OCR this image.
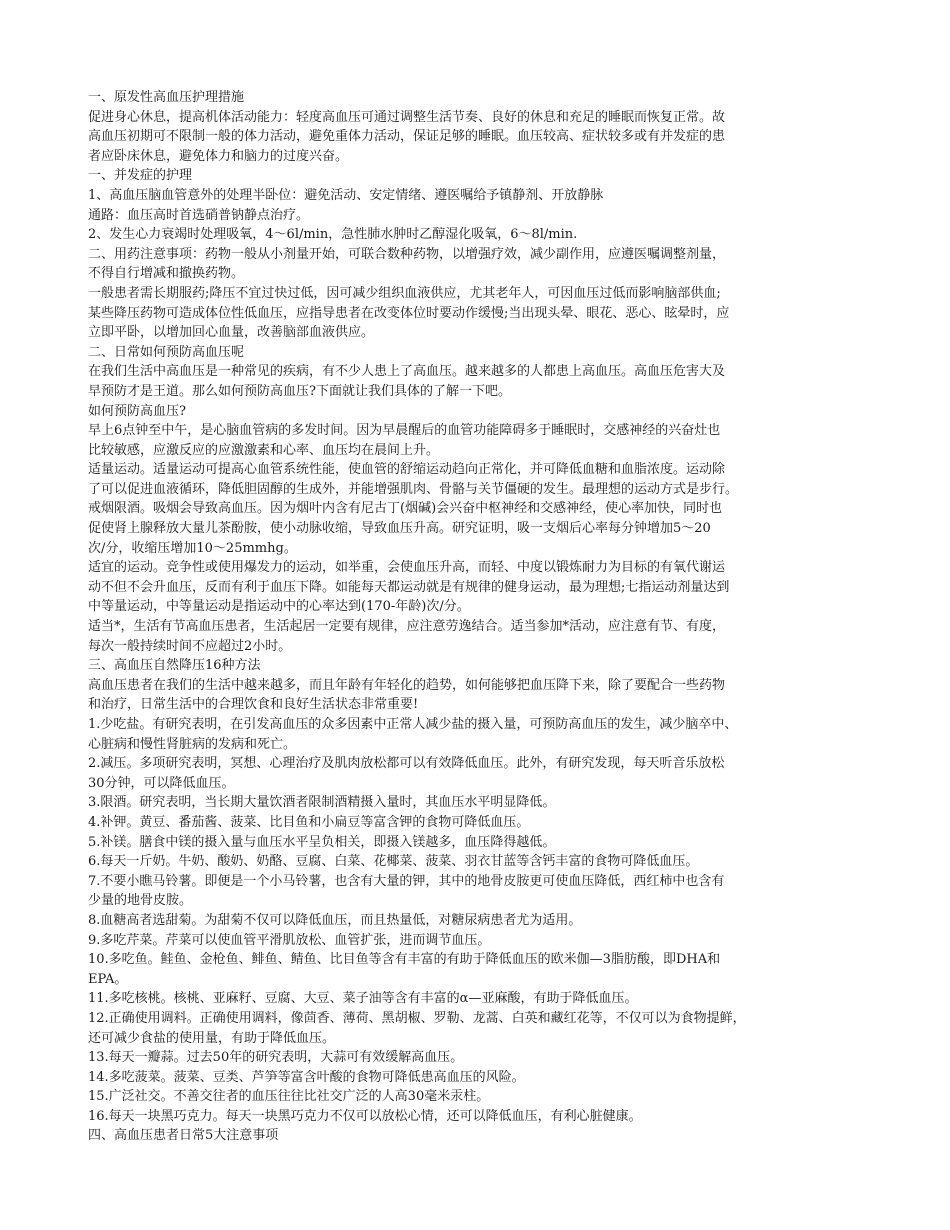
一、原发性高血压护理措施
促进身心休息，提高机体活动能力：轻度高血压可通过调整生活节奏、良好的休息和充足的睡眠而恢复正常。故
高血压初期可不限制一般的体力活动，避免重体力活动，保证足够的睡眠。血压较高、症状较多或有并发症的患
者应卧床休息，避免体力和脑力的过度兴奋。
一、并发症的护理
1、高血压脑血管意外的处理半卧位：避免活动、安定情绪、遵医嘱给予镇静剂、开放静脉
通路：血压高时首选硝普钠静点治疗。
2、发生心力衰竭时处理吸氧，4～6l/min，急性肺水肿时乙醇湿化吸氧，6～8l/min.
二、用药注意事项：药物一般从小剂量开始，可联合数种药物，以增强疗效，减少副作用，应遵医嘱调整剂量，
不得自行增减和撤换药物。
一般患者需长期服药;降压不宜过快过低，因可减少组织血液供应，尤其老年人，可因血压过低而影响脑部供血;
某些降压药物可造成体位性低血压，应指导患者在改变体位时要动作缓慢;当出现头晕、眼花、恶心、眩晕时，应
立即平卧，以增加回心血量，改善脑部血液供应。
二、日常如何预防高血压呢
在我们生活中高血压是一种常见的疾病，有不少人患上了高血压。越来越多的人都患上高血压。高血压危害大及
早预防才是王道。那么如何预防高血压?下面就让我们具体的了解一下吧。
如何预防高血压?
早上6点钟至中午，是心脑血管病的多发时间。因为早晨醒后的血管功能障碍多于睡眠时，交感神经的兴奋灶也
比较敏感，应激反应的应激激素和心率、血压均在晨间上升。
适量运动。适量运动可提高心血管系统性能，使血管的舒缩运动趋向正常化，并可降低血糖和血脂浓度。运动除
了可以促进血液循环，降低胆固醇的生成外，并能增强肌肉、骨骼与关节僵硬的发生。最理想的运动方式是步行。
戒烟限酒。吸烟会导致高血压。因为烟叶内含有尼古丁(烟碱)会兴奋中枢神经和交感神经，使心率加快，同时也
促使肾上腺释放大量儿茶酚胺，使小动脉收缩，导致血压升高。研究证明，吸一支烟后心率每分钟增加5～20
次/分，收缩压增加10～25mmhg。
适宜的运动。竞争性或使用爆发力的运动，如举重，会使血压升高，而轻、中度以锻炼耐力为目标的有氧代谢运
动不但不会升血压，反而有利于血压下降。如能每天都运动就是有规律的健身运动，最为理想;七指运动剂量达到
中等量运动，中等量运动是指运动中的心率达到(170-年龄)次/分。
适当*，生活有节高血压患者，生活起居一定要有规律，应注意劳逸结合。适当参加*活动，应注意有节、有度，
每次一般持续时间不应超过2小时。
三、高血压自然降压16种方法
高血压患者在我们的生活中越来越多，而且年龄有年轻化的趋势，如何能够把血压降下来，除了要配合一些药物
和治疗，日常生活中的合理饮食和良好生活状态非常重要!
1.少吃盐。有研究表明，在引发高血压的众多因素中正常人减少盐的摄入量，可预防高血压的发生，减少脑卒中、
心脏病和慢性肾脏病的发病和死亡。
2.减压。多项研究表明，冥想、心理治疗及肌肉放松都可以有效降低血压。此外，有研究发现，每天听音乐放松
30分钟，可以降低血压。
3.限酒。研究表明，当长期大量饮酒者限制酒精摄入量时，其血压水平明显降低。
4.补钾。黄豆、番茄酱、菠菜、比目鱼和小扁豆等富含钾的食物可降低血压。
5.补镁。膳食中镁的摄入量与血压水平呈负相关，即摄入镁越多，血压降得越低。
6.每天一斤奶。牛奶、酸奶、奶酪、豆腐、白菜、花椰菜、菠菜、羽衣甘蓝等含钙丰富的食物可降低血压。
7.不要小瞧马铃薯。即便是一个小马铃薯，也含有大量的钾，其中的地骨皮胺更可使血压降低，西红柿中也含有
少量的地骨皮胺。
8.血糖高者选甜菊。为甜菊不仅可以降低血压，而且热量低，对糖尿病患者尤为适用。
9.多吃芹菜。芹菜可以使血管平滑肌放松、血管扩张，进而调节血压。
10.多吃鱼。鲑鱼、金枪鱼、鲱鱼、鲭鱼、比目鱼等含有丰富的有助于降低血压的欧米伽—3脂肪酸，即DHA和
EPA。
11.多吃核桃。核桃、亚麻籽、豆腐、大豆、菜子油等含有丰富的α—亚麻酸，有助于降低血压。
12.正确使用调料。正确使用调料，像茴香、薄荷、黑胡椒、罗勒、龙蒿、白英和藏红花等，不仅可以为食物提鲜，
还可减少食盐的使用量，有助于降低血压。
13.每天一瓣蒜。过去50年的研究表明，大蒜可有效缓解高血压。
14.多吃菠菜。菠菜、豆类、芦笋等富含叶酸的食物可降低患高血压的风险。
15.广泛社交。不善交往者的血压往往比社交广泛的人高30毫米汞柱。
16.每天一块黑巧克力。每天一块黑巧克力不仅可以放松心情，还可以降低血压，有利心脏健康。
四、高血压患者日常5大注意事项
